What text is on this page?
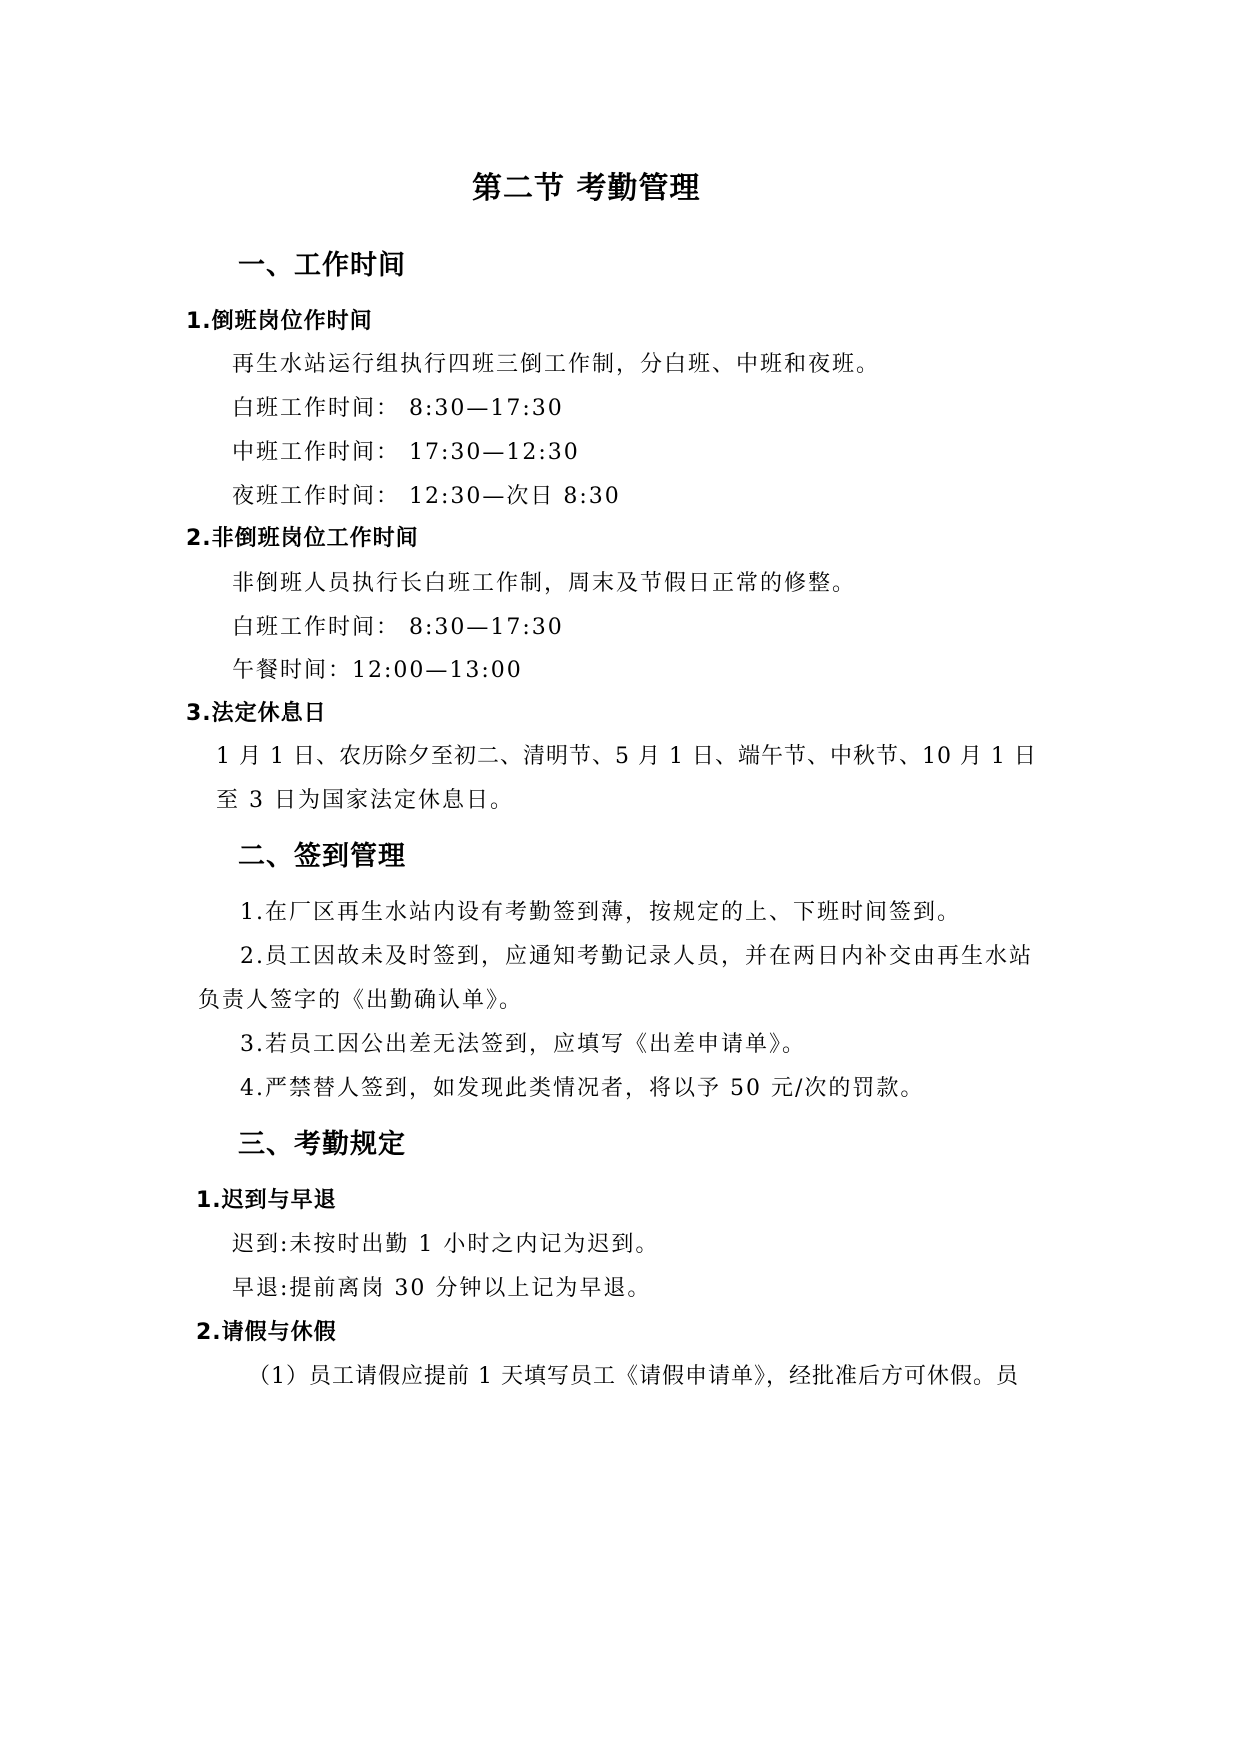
第二节 考勤管理
一、工作时间
1.倒班岗位作时间
再生水站运行组执行四班三倒工作制，分白班、中班和夜班。
白班工作时间： 8:30—17:30
中班工作时间： 17:30—12:30
夜班工作时间： 12:30—次日 8:30
2.非倒班岗位工作时间
非倒班人员执行长白班工作制，周末及节假日正常的修整。
白班工作时间： 8:30—17:30
午餐时间：12:00—13:00
3.法定休息日
1 月 1 日、农历除夕至初二、清明节、5 月 1 日、端午节、中秋节、10 月 1 日
至 3 日为国家法定休息日。
二、签到管理
1.在厂区再生水站内设有考勤签到薄，按规定的上、下班时间签到。
2.员工因故未及时签到，应通知考勤记录人员，并在两日内补交由再生水站
负责人签字的《出勤确认单》。
3.若员工因公出差无法签到，应填写《出差申请单》。
4.严禁替人签到，如发现此类情况者，将以予 50 元/次的罚款。
三、考勤规定
1.迟到与早退
迟到:未按时出勤 1 小时之内记为迟到。
早退:提前离岗 30 分钟以上记为早退。
2.请假与休假
（1）员工请假应提前 1 天填写员工《请假申请单》，经批准后方可休假。员
